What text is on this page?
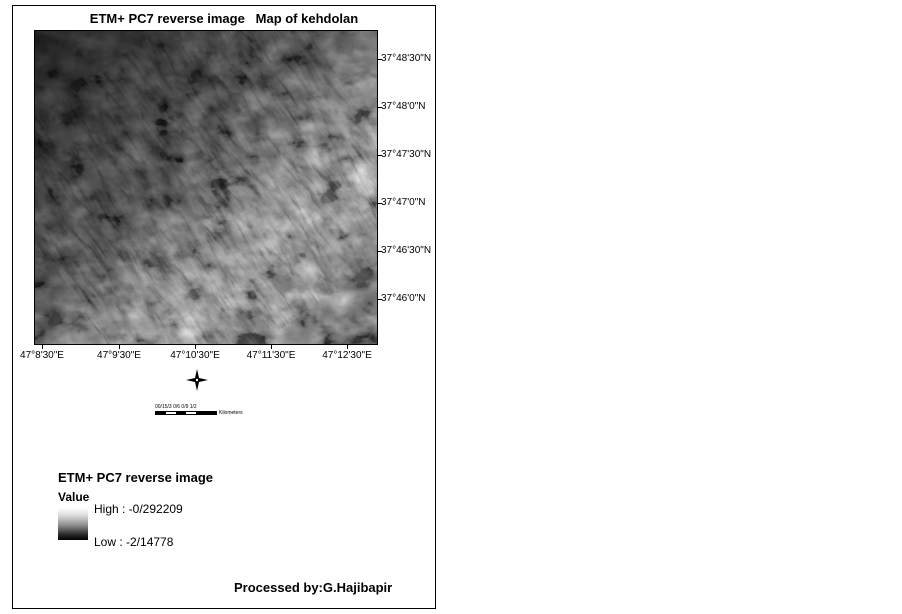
ETM+ PC7 reverse image   Map of kehdolan
37°48'30"N
37°48'0"N
37°47'30"N
37°47'0"N
37°46'30"N
37°46'0"N
47°8'30"E	47°9'30"E	47°10'30"E	47°11'30"E	47°12'30"E
00/15/3 0/6 0/9 1/2
Kilometers
ETM+ PC7 reverse image
Value
High : -0/292209
Low : -2/14778
Processed by:G.Hajibapir
